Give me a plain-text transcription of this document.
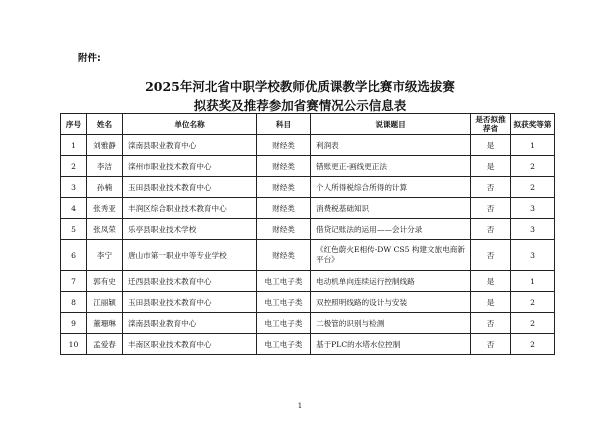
附件:
2025年河北省中职学校教师优质课教学比赛市级选拔赛
拟获奖及推荐参加省赛情况公示信息表
序号	姓名	单位名称	科目	说课题目	是否拟推荐省	拟获奖等第
1	刘雅静	滦南县职业教育中心	财经类	利润表	是	1
2	李洁	滦州市职业技术教育中心	财经类	错账更正-画线更正法	是	2
3	孙楠	玉田县职业技术教育中心	财经类	个人所得税综合所得的计算	否	2
4	张秀亚	丰润区综合职业技术教育中心	财经类	消费税基础知识	否	3
5	张凤荣	乐亭县职业技术学校	财经类	借贷记账法的运用——会计分录	否	3
6	李宁	唐山市第一职业中等专业学校	财经类	《红色蔚火E相传-DW CS5 构建文旅电商新平台》	否	3
7	郭有史	迁西县职业技术教育中心	电工电子类	电动机单向连续运行控制线路	是	1
8	江丽颖	玉田县职业技术教育中心	电工电子类	双控照明线路的设计与安装	是	2
9	董珊琳	滦南县职业教育中心	电工电子类	二极管的识别与检测	否	2
10	孟爱春	丰南区职业技术教育中心	电工电子类	基于PLC的水塔水位控制	否	2
1
